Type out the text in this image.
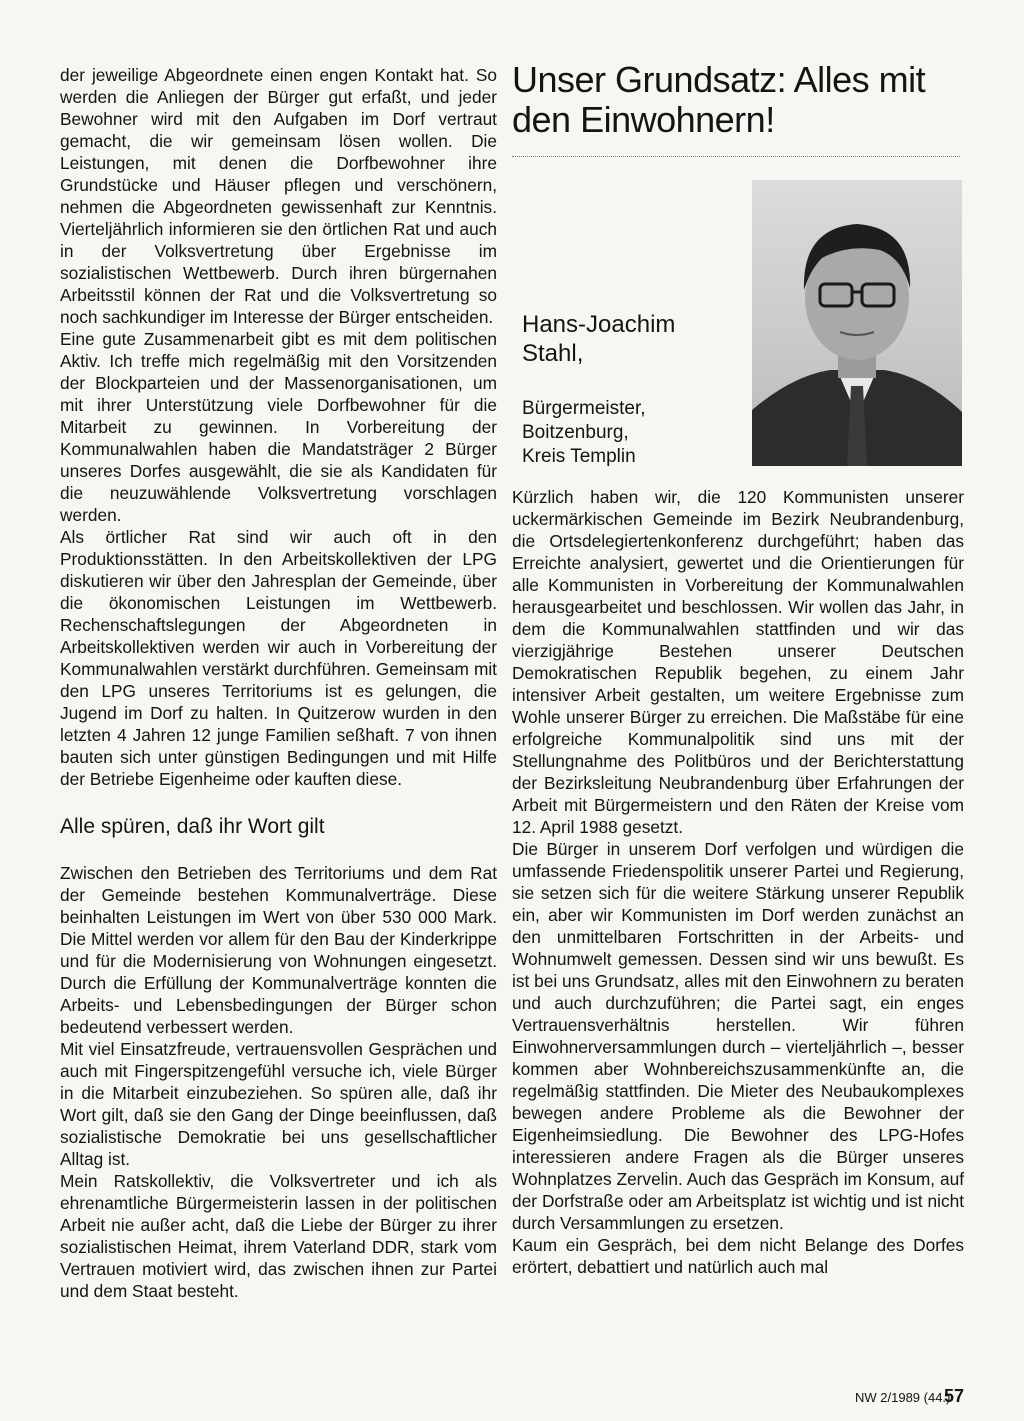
der jeweilige Abgeordnete einen engen Kontakt hat. So werden die Anliegen der Bürger gut erfaßt, und jeder Bewohner wird mit den Aufgaben im Dorf vertraut gemacht, die wir gemeinsam lösen wollen. Die Leistungen, mit denen die Dorfbewohner ihre Grundstücke und Häuser pflegen und verschönern, nehmen die Abgeordneten gewissenhaft zur Kenntnis. Vierteljährlich informieren sie den örtlichen Rat und auch in der Volksvertretung über Ergebnisse im sozialistischen Wettbewerb. Durch ihren bürgernahen Arbeitsstil können der Rat und die Volksvertretung so noch sachkundiger im Interesse der Bürger entscheiden.

Eine gute Zusammenarbeit gibt es mit dem politischen Aktiv. Ich treffe mich regelmäßig mit den Vorsitzenden der Blockparteien und der Massenorganisationen, um mit ihrer Unterstützung viele Dorfbewohner für die Mitarbeit zu gewinnen. In Vorbereitung der Kommunalwahlen haben die Mandatsträger 2 Bürger unseres Dorfes ausgewählt, die sie als Kandidaten für die neuzuwählende Volksvertretung vorschlagen werden.

Als örtlicher Rat sind wir auch oft in den Produktionsstätten. In den Arbeitskollektiven der LPG diskutieren wir über den Jahresplan der Gemeinde, über die ökonomischen Leistungen im Wettbewerb. Rechenschaftslegungen der Abgeordneten in Arbeitskollektiven werden wir auch in Vorbereitung der Kommunalwahlen verstärkt durchführen. Gemeinsam mit den LPG unseres Territoriums ist es gelungen, die Jugend im Dorf zu halten. In Quitzerow wurden in den letzten 4 Jahren 12 junge Familien seßhaft. 7 von ihnen bauten sich unter günstigen Bedingungen und mit Hilfe der Betriebe Eigenheime oder kauften diese.

Alle spüren, daß ihr Wort gilt

Zwischen den Betrieben des Territoriums und dem Rat der Gemeinde bestehen Kommunalverträge. Diese beinhalten Leistungen im Wert von über 530 000 Mark. Die Mittel werden vor allem für den Bau der Kinderkrippe und für die Modernisierung von Wohnungen eingesetzt. Durch die Erfüllung der Kommunalverträge konnten die Arbeits- und Lebensbedingungen der Bürger schon bedeutend verbessert werden.

Mit viel Einsatzfreude, vertrauensvollen Gesprächen und auch mit Fingerspitzengefühl versuche ich, viele Bürger in die Mitarbeit einzubeziehen. So spüren alle, daß ihr Wort gilt, daß sie den Gang der Dinge beeinflussen, daß sozialistische Demokratie bei uns gesellschaftlicher Alltag ist.

Mein Ratskollektiv, die Volksvertreter und ich als ehrenamtliche Bürgermeisterin lassen in der politischen Arbeit nie außer acht, daß die Liebe der Bürger zu ihrer sozialistischen Heimat, ihrem Vaterland DDR, stark vom Vertrauen motiviert wird, das zwischen ihnen zur Partei und dem Staat besteht.

Unser Grundsatz: Alles mit den Einwohnern!
Hans-Joachim Stahl,
Bürgermeister,
Boitzenburg,
Kreis Templin

Kürzlich haben wir, die 120 Kommunisten unserer uckermärkischen Gemeinde im Bezirk Neubrandenburg, die Ortsdelegiertenkonferenz durchgeführt; haben das Erreichte analysiert, gewertet und die Orientierungen für alle Kommunisten in Vorbereitung der Kommunalwahlen herausgearbeitet und beschlossen. Wir wollen das Jahr, in dem die Kommunalwahlen stattfinden und wir das vierzigjährige Bestehen unserer Deutschen Demokratischen Republik begehen, zu einem Jahr intensiver Arbeit gestalten, um weitere Ergebnisse zum Wohle unserer Bürger zu erreichen. Die Maßstäbe für eine erfolgreiche Kommunalpolitik sind uns mit der Stellungnahme des Politbüros und der Berichterstattung der Bezirksleitung Neubrandenburg über Erfahrungen der Arbeit mit Bürgermeistern und den Räten der Kreise vom 12. April 1988 gesetzt.

Die Bürger in unserem Dorf verfolgen und würdigen die umfassende Friedenspolitik unserer Partei und Regierung, sie setzen sich für die weitere Stärkung unserer Republik ein, aber wir Kommunisten im Dorf werden zunächst an den unmittelbaren Fortschritten in der Arbeits- und Wohnumwelt gemessen. Dessen sind wir uns bewußt. Es ist bei uns Grundsatz, alles mit den Einwohnern zu beraten und auch durchzuführen; die Partei sagt, ein enges Vertrauensverhältnis herstellen. Wir führen Einwohnerversammlungen durch – vierteljährlich –, besser kommen aber Wohnbereichszusammenkünfte an, die regelmäßig stattfinden. Die Mieter des Neubaukomplexes bewegen andere Probleme als die Bewohner der Eigenheimsiedlung. Die Bewohner des LPG-Hofes interessieren andere Fragen als die Bürger unseres Wohnplatzes Zervelin. Auch das Gespräch im Konsum, auf der Dorfstraße oder am Arbeitsplatz ist wichtig und ist nicht durch Versammlungen zu ersetzen.

Kaum ein Gespräch, bei dem nicht Belange des Dorfes erörtert, debattiert und natürlich auch mal

NW 2/1989 (44.)
57
